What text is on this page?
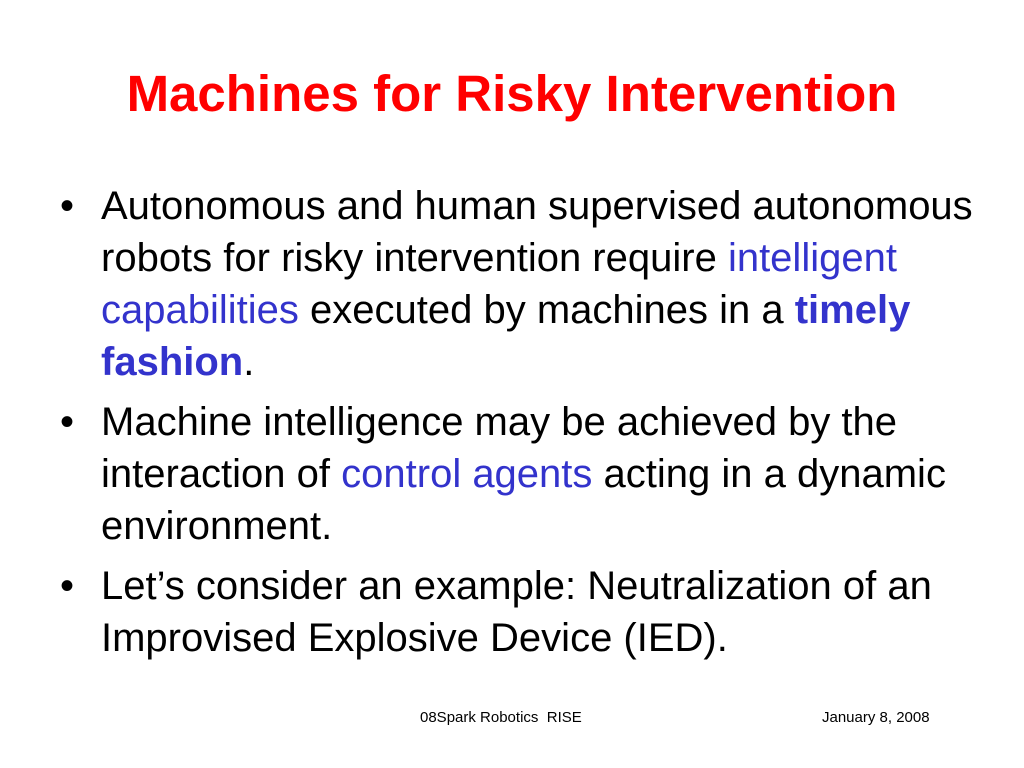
Machines for Risky Intervention
• Autonomous and human supervised autonomous robots for risky intervention require intelligent capabilities executed by machines in a timely fashion.
• Machine intelligence may be achieved by the interaction of control agents acting in a dynamic environment.
• Let’s consider an example: Neutralization of an Improvised Explosive Device (IED).
08Spark Robotics  RISE	January 8, 2008
